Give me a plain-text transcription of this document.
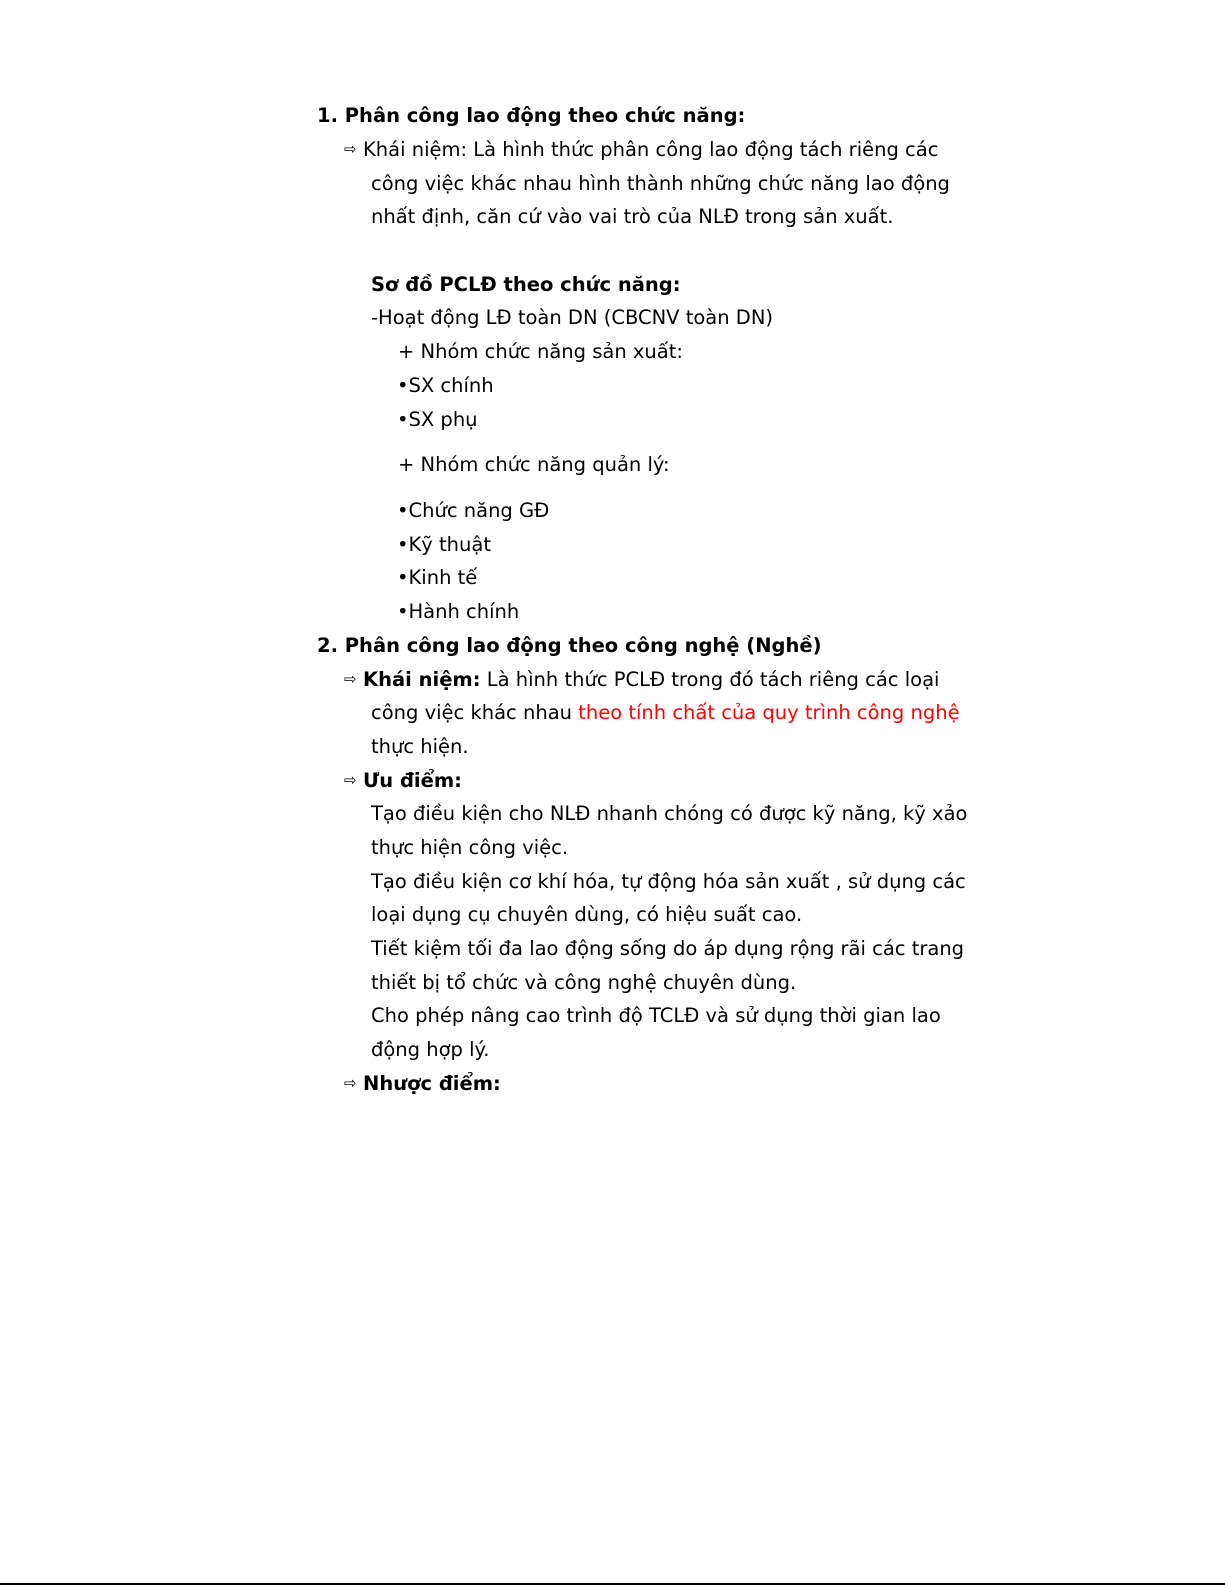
1. Phân công lao động theo chức năng:
⇨ Khái niệm: Là hình thức phân công lao động tách riêng các
công việc khác nhau hình thành những chức năng lao động
nhất định, căn cứ vào vai trò của NLĐ trong sản xuất.
Sơ đồ PCLĐ theo chức năng:
-Hoạt động LĐ toàn DN (CBCNV toàn DN)
+ Nhóm chức năng sản xuất:
•SX chính
•SX phụ
+ Nhóm chức năng quản lý:
•Chức năng GĐ
•Kỹ thuật
•Kinh tế
•Hành chính
2. Phân công lao động theo công nghệ (Nghề)
⇨ Khái niệm: Là hình thức PCLĐ trong đó tách riêng các loại
công việc khác nhau theo tính chất của quy trình công nghệ
thực hiện.
⇨ Ưu điểm:
Tạo điều kiện cho NLĐ nhanh chóng có được kỹ năng, kỹ xảo
thực hiện công việc.
Tạo điều kiện cơ khí hóa, tự động hóa sản xuất , sử dụng các
loại dụng cụ chuyên dùng, có hiệu suất cao.
Tiết kiệm tối đa lao động sống do áp dụng rộng rãi các trang
thiết bị tổ chức và công nghệ chuyên dùng.
Cho phép nâng cao trình độ TCLĐ và sử dụng thời gian lao
động hợp lý.
⇨ Nhược điểm:
